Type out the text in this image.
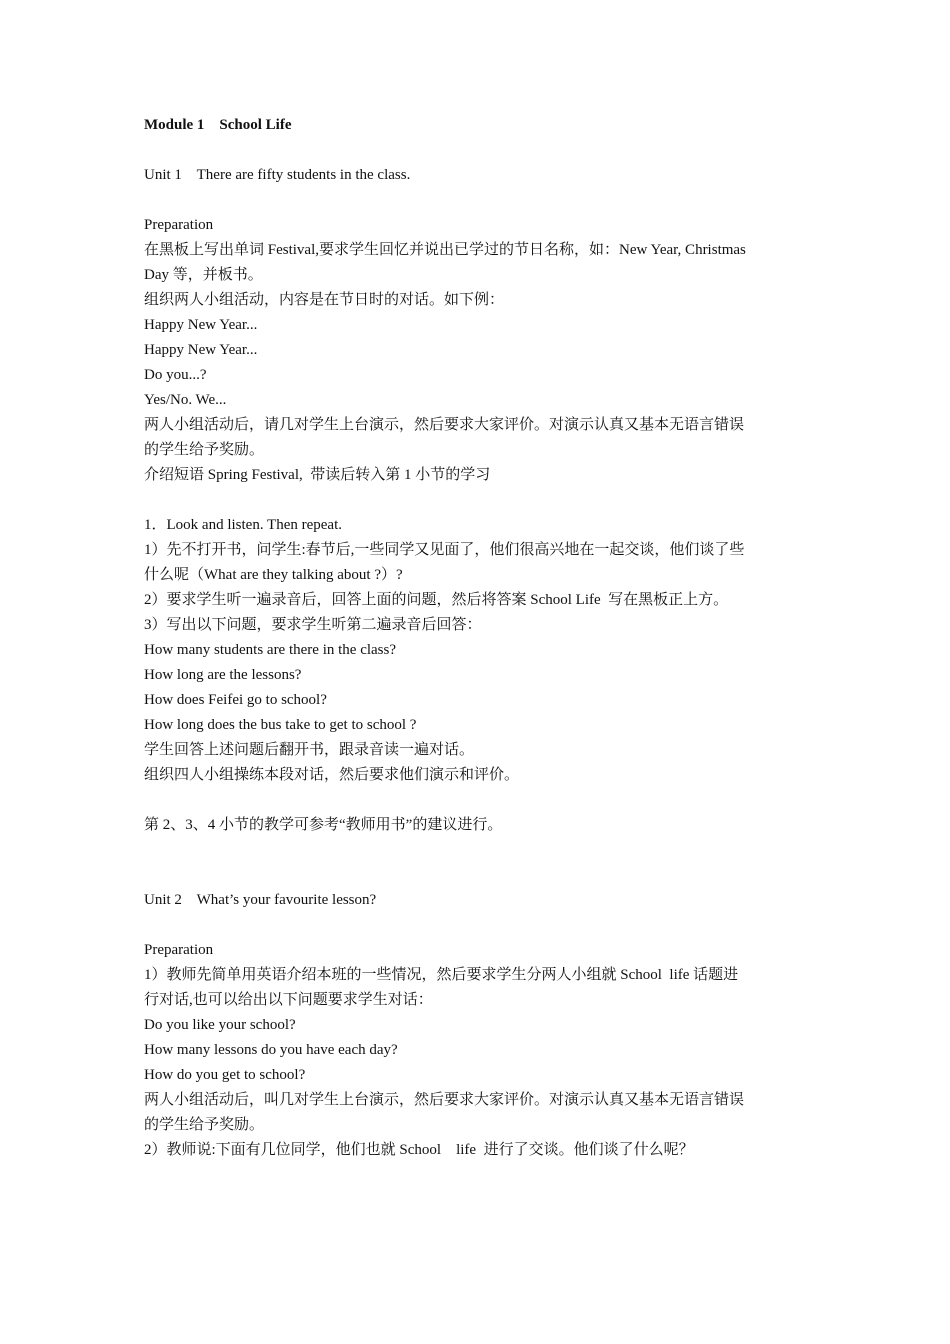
Module 1    School Life
Unit 1    There are fifty students in the class.
Preparation
在黑板上写出单词 Festival,要求学生回忆并说出已学过的节日名称，如：New Year, Christmas
Day 等，并板书。
组织两人小组活动，内容是在节日时的对话。如下例：
Happy New Year...
Happy New Year...
Do you...?
Yes/No. We...
两人小组活动后，请几对学生上台演示，然后要求大家评价。对演示认真又基本无语言错误
的学生给予奖励。
介绍短语 Spring Festival,  带读后转入第 1 小节的学习
1．Look and listen. Then repeat.
1）先不打开书，问学生:春节后,一些同学又见面了，他们很高兴地在一起交谈，他们谈了些
什么呢（What are they talking about ?）?
2）要求学生听一遍录音后，回答上面的问题，然后将答案 School Life  写在黑板正上方。
3）写出以下问题，要求学生听第二遍录音后回答：
How many students are there in the class?
How long are the lessons?
How does Feifei go to school?
How long does the bus take to get to school ?
学生回答上述问题后翻开书，跟录音读一遍对话。
组织四人小组操练本段对话，然后要求他们演示和评价。
第 2、3、4 小节的教学可参考“教师用书”的建议进行。
Unit 2    What’s your favourite lesson?
Preparation
1）教师先简单用英语介绍本班的一些情况，然后要求学生分两人小组就 School  life 话题进
行对话,也可以给出以下问题要求学生对话：
Do you like your school?
How many lessons do you have each day?
How do you get to school?
两人小组活动后，叫几对学生上台演示，然后要求大家评价。对演示认真又基本无语言错误
的学生给予奖励。
2）教师说:下面有几位同学，他们也就 School    life  进行了交谈。他们谈了什么呢？
